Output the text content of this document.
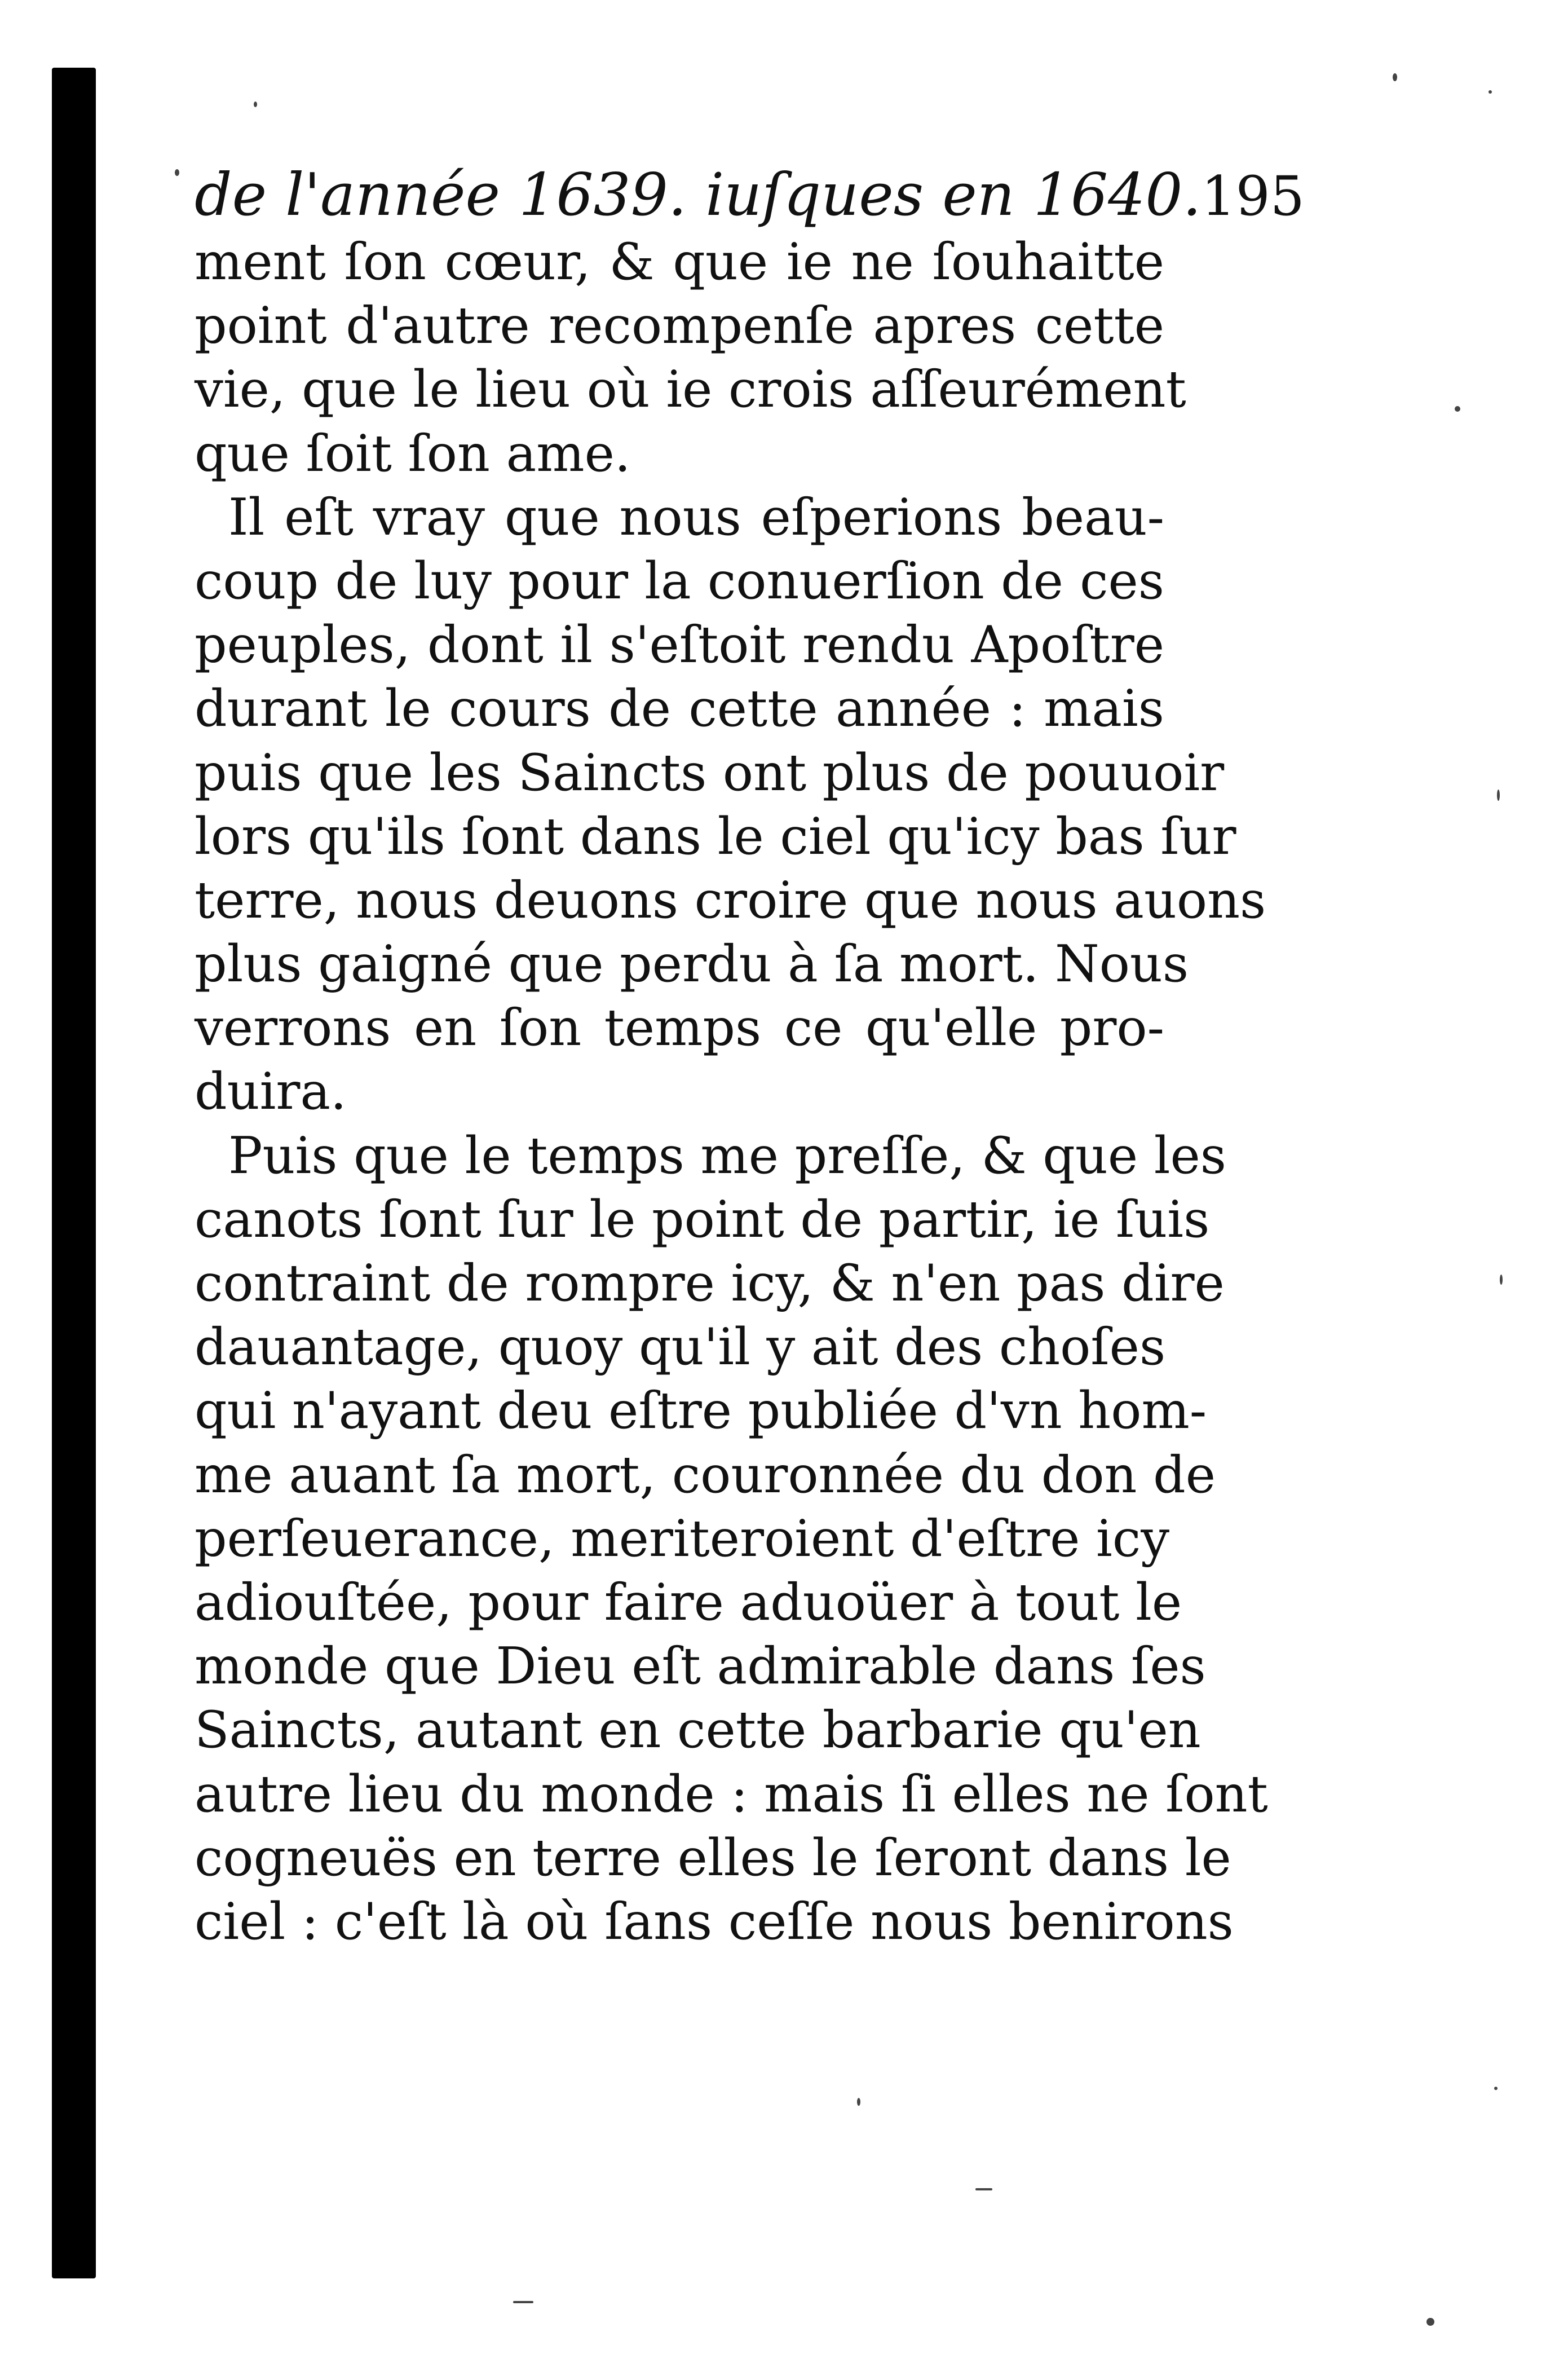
de l'année 1639. iuſques en 1640. 195
ment ſon cœur, & que ie ne ſouhaitte
point d'autre recompenſe apres cette
vie, que le lieu où ie crois aſſeurément
que ſoit ſon ame.
Il eſt vray que nous eſperions beau-
coup de luy pour la conuerſion de ces
peuples, dont il s'eſtoit rendu Apoſtre
durant le cours de cette année : mais
puis que les Saincts ont plus de pouuoir
lors qu'ils ſont dans le ciel qu'icy bas ſur
terre, nous deuons croire que nous auons
plus gaigné que perdu à ſa mort. Nous
verrons en ſon temps ce qu'elle pro-
duira.
Puis que le temps me preſſe, & que les
canots ſont ſur le point de partir, ie ſuis
contraint de rompre icy, & n'en pas dire
dauantage, quoy qu'il y ait des choſes
qui n'ayant deu eſtre publiée d'vn hom-
me auant ſa mort, couronnée du don de
perſeuerance, meriteroient d'eſtre icy
adiouſtée, pour faire aduoüer à tout le
monde que Dieu eſt admirable dans ſes
Saincts, autant en cette barbarie qu'en
autre lieu du monde : mais ſi elles ne ſont
cogneuës en terre elles le ſeront dans le
ciel : c'eſt là où ſans ceſſe nous benirons
